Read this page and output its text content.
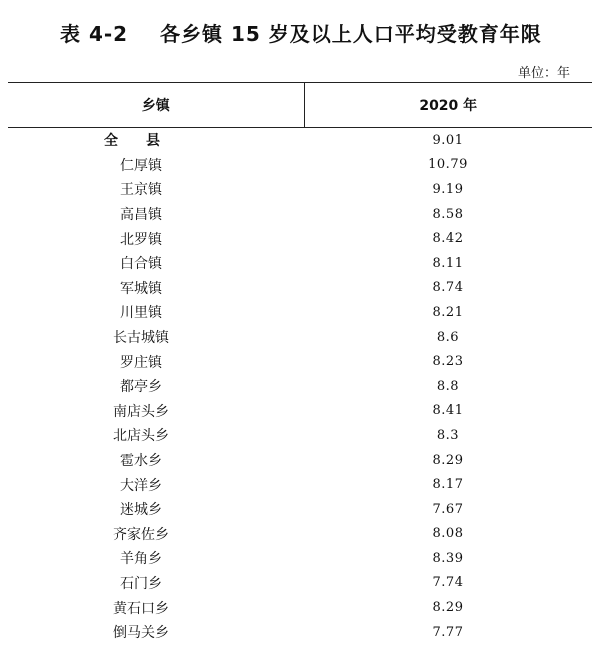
表 4-2 各乡镇 15 岁及以上人口平均受教育年限
单位：年
乡镇	2020 年
全县	9.01
仁厚镇	10.79
王京镇	9.19
高昌镇	8.58
北罗镇	8.42
白合镇	8.11
军城镇	8.74
川里镇	8.21
长古城镇	8.6
罗庄镇	8.23
都亭乡	8.8
南店头乡	8.41
北店头乡	8.3
雹水乡	8.29
大洋乡	8.17
迷城乡	7.67
齐家佐乡	8.08
羊角乡	8.39
石门乡	7.74
黄石口乡	8.29
倒马关乡	7.77
